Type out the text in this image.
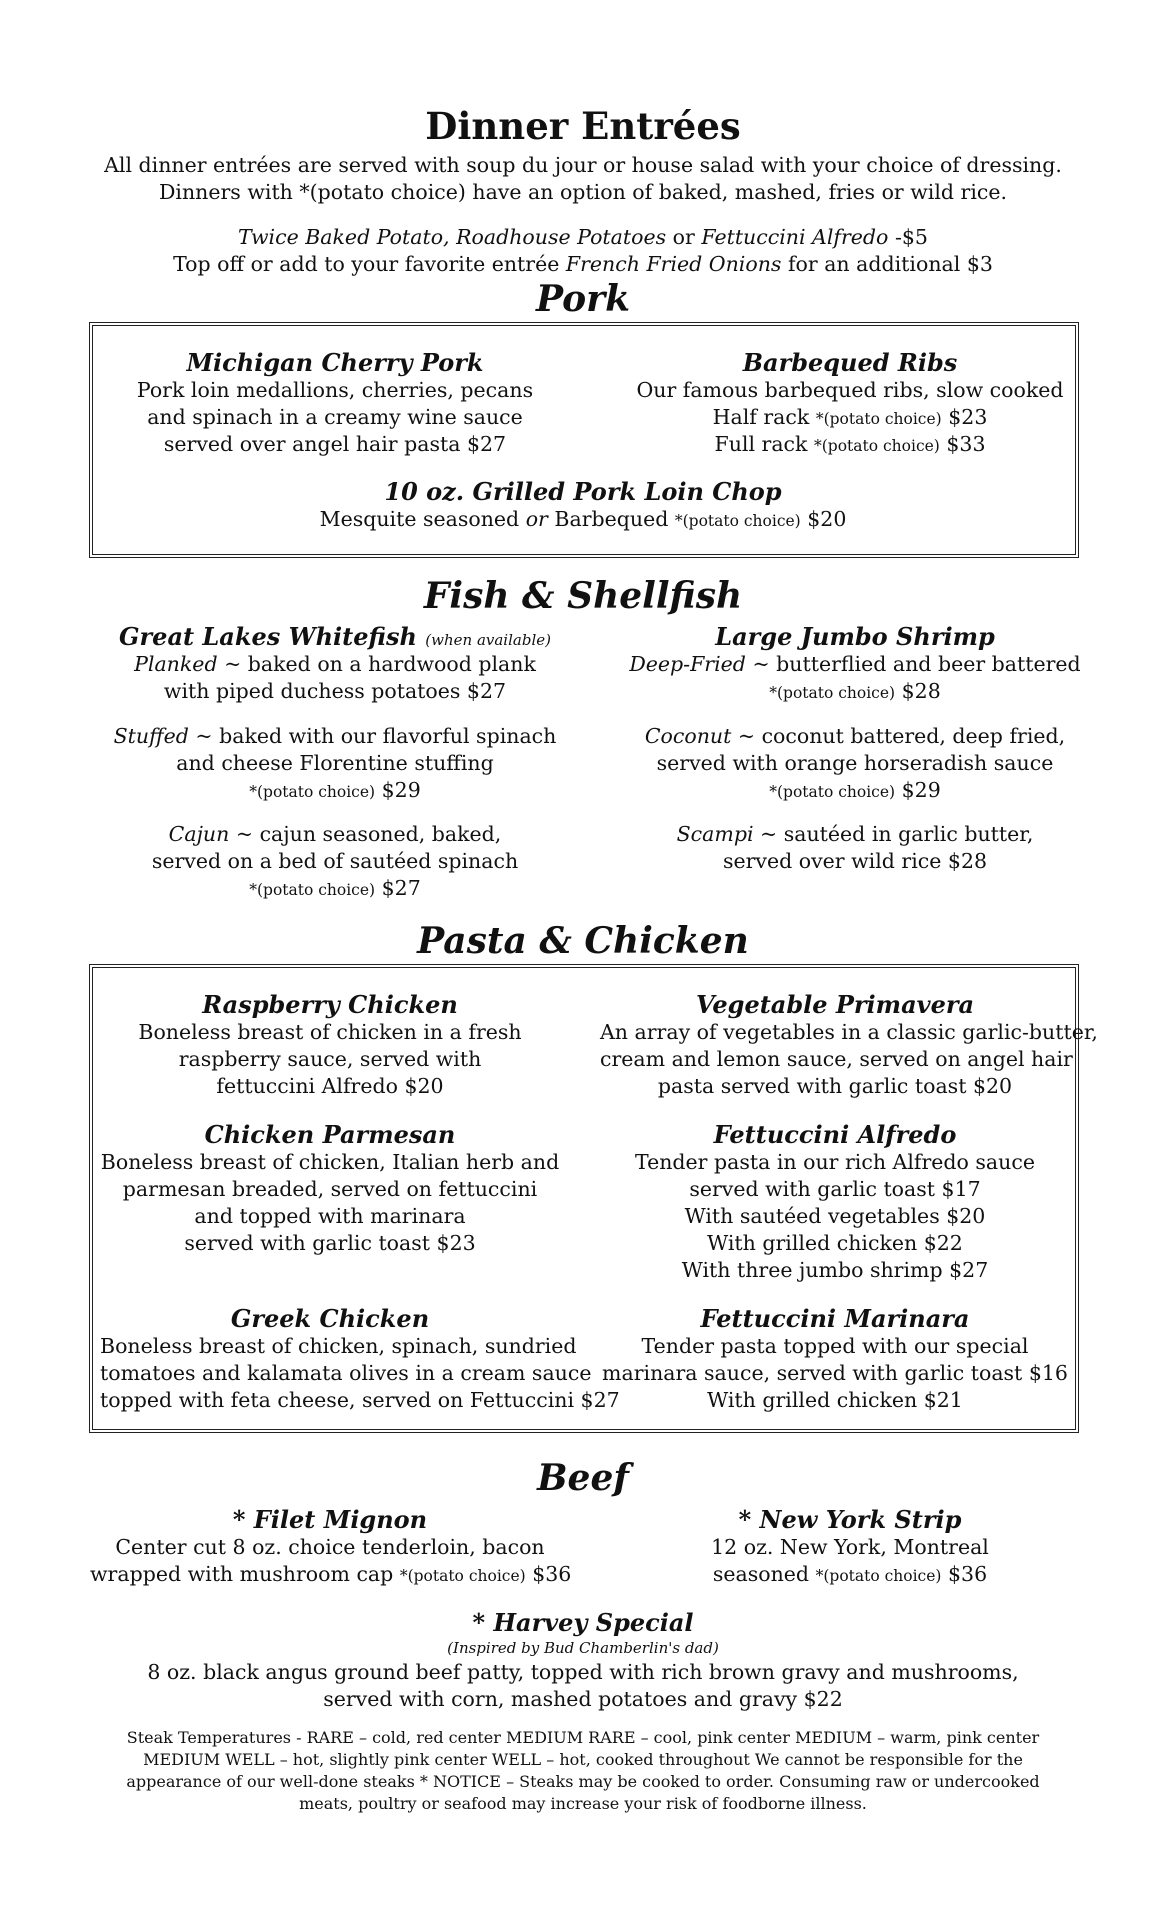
Dinner Entrées
All dinner entrées are served with soup du jour or house salad with your choice of dressing.
Dinners with *(potato choice) have an option of baked, mashed, fries or wild rice.
Twice Baked Potato, Roadhouse Potatoes or Fettuccini Alfredo -$5
Top off or add to your favorite entrée French Fried Onions for an additional $3
Pork
Michigan Cherry Pork
Pork loin medallions, cherries, pecans
and spinach in a creamy wine sauce
served over angel hair pasta $27
Barbequed Ribs
Our famous barbequed ribs, slow cooked
Half rack *(potato choice) $23
Full rack *(potato choice) $33
10 oz. Grilled Pork Loin Chop
Mesquite seasoned or Barbequed *(potato choice) $20
Fish & Shellfish
Great Lakes Whitefish (when available)
Planked ~ baked on a hardwood plank
with piped duchess potatoes $27
Stuffed ~ baked with our flavorful spinach
and cheese Florentine stuffing
*(potato choice) $29
Cajun ~ cajun seasoned, baked,
served on a bed of sautéed spinach
*(potato choice) $27
Large Jumbo Shrimp
Deep-Fried ~ butterflied and beer battered
*(potato choice) $28
Coconut ~ coconut battered, deep fried,
served with orange horseradish sauce
*(potato choice) $29
Scampi ~ sautéed in garlic butter,
served over wild rice $28
Pasta & Chicken
Raspberry Chicken
Boneless breast of chicken in a fresh
raspberry sauce, served with
fettuccini Alfredo $20
Vegetable Primavera
An array of vegetables in a classic garlic-butter,
cream and lemon sauce, served on angel hair
pasta served with garlic toast $20
Chicken Parmesan
Boneless breast of chicken, Italian herb and
parmesan breaded, served on fettuccini
and topped with marinara
served with garlic toast $23
Fettuccini Alfredo
Tender pasta in our rich Alfredo sauce
served with garlic toast $17
With sautéed vegetables $20
With grilled chicken $22
With three jumbo shrimp $27
Greek Chicken
Boneless breast of chicken, spinach, sundried
tomatoes and kalamata olives in a cream sauce
topped with feta cheese, served on Fettuccini $27
Fettuccini Marinara
Tender pasta topped with our special
marinara sauce, served with garlic toast $16
With grilled chicken $21
Beef
* Filet Mignon
Center cut 8 oz. choice tenderloin, bacon
wrapped with mushroom cap *(potato choice) $36
* New York Strip
12 oz. New York, Montreal
seasoned *(potato choice) $36
* Harvey Special
(Inspired by Bud Chamberlin's dad)
8 oz. black angus ground beef patty, topped with rich brown gravy and mushrooms,
served with corn, mashed potatoes and gravy $22
Steak Temperatures - RARE – cold, red center MEDIUM RARE – cool, pink center MEDIUM – warm, pink center
MEDIUM WELL – hot, slightly pink center WELL – hot, cooked throughout We cannot be responsible for the
appearance of our well-done steaks * NOTICE – Steaks may be cooked to order. Consuming raw or undercooked
meats, poultry or seafood may increase your risk of foodborne illness.
